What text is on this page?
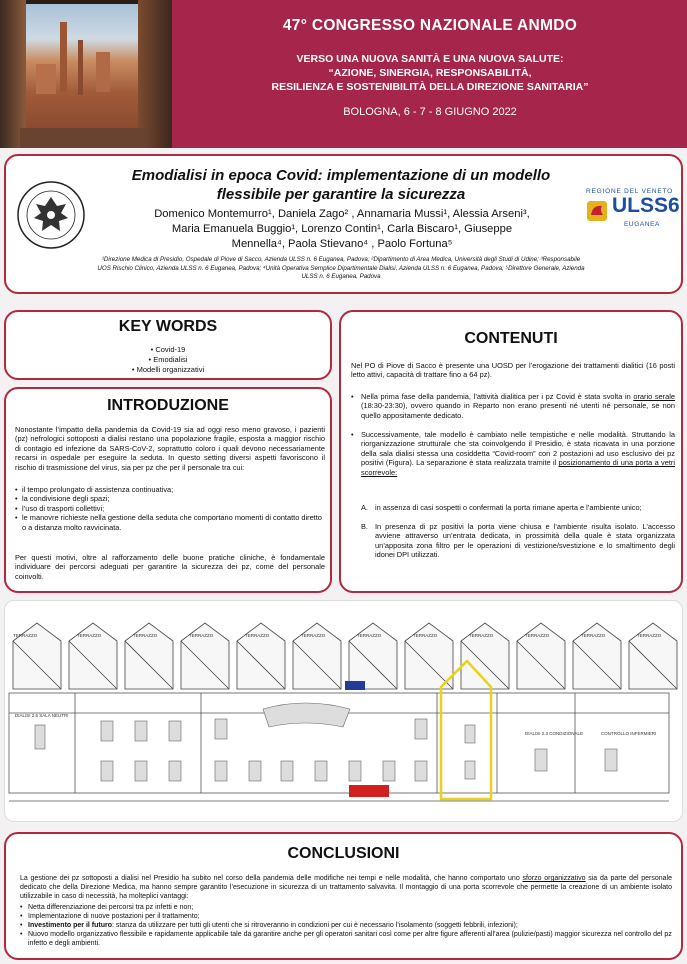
47° CONGRESSO NAZIONALE ANMDO
VERSO UNA NUOVA SANITÀ E UNA NUOVA SALUTE:
“AZIONE, SINERGIA, RESPONSABILITÀ,
RESILIENZA E SOSTENIBILITÀ DELLA DIREZIONE SANITARIA”
BOLOGNA, 6 - 7 - 8 GIUGNO 2022
Emodialisi in epoca Covid: implementazione di un modello flessibile per garantire la sicurezza
Domenico Montemurro¹, Daniela Zago² , Annamaria Mussi¹, Alessia Arseni³,
Maria Emanuela Buggio¹, Lorenzo Contin¹, Carla Biscaro¹, Giuseppe
Mennella⁴, Paola Stievano⁴ , Paolo Fortuna⁵
¹Direzione Medica di Presidio, Ospedale di Piove di Sacco, Azienda ULSS n. 6 Euganea, Padova; ²Dipartimento di Area Medica, Università degli Studi di Udine; ³Responsabile UOS Rischio Clinico, Azienda ULSS n. 6 Euganea, Padova; ⁴Unità Operativa Semplice Dipartimentale Dialisi, Azienda ULSS n. 6 Euganea, Padova; ⁵Direttore Generale, Azienda ULSS n. 6 Euganea, Padova
REGIONE DEL VENETO
ULSS6
EUGANEA
KEY WORDS
• Covid-19
• Emodialisi
• Modelli organizzativi
INTRODUZIONE
Nonostante l’impatto della pandemia da Covid-19 sia ad oggi reso meno gravoso, i pazienti (pz) nefrologici sottoposti a dialisi restano una popolazione fragile, esposta a maggior rischio di contagio ed infezione da SARS-CoV-2, soprattutto coloro i quali devono necessariamente recarsi in ospedale per eseguire la seduta. In questo setting diversi aspetti favoriscono il rischio di trasmissione del virus, sia per pz che per il personale tra cui:
• il tempo prolungato di assistenza continuativa;
• la condivisione degli spazi;
• l’uso di trasporti collettivi;
• le manovre richieste nella gestione della seduta che comportano momenti di contatto diretto o a distanza molto ravvicinata.
Per questi motivi, oltre al rafforzamento delle buone pratiche cliniche, è fondamentale individuare dei percorsi adeguati per garantire la sicurezza dei pz, come del personale coinvolti.
CONTENUTI
Nel PO di Piove di Sacco è presente una UOSD per l’erogazione dei trattamenti dialitici (16 posti letto attivi, capacità di trattare fino a 64 pz).
• Nella prima fase della pandemia, l’attività dialitica per i pz Covid è stata svolta in orario serale (18:30-23:30), ovvero quando in Reparto non erano presenti né utenti né personale, se non quello appositamente dedicato.
• Successivamente, tale modello è cambiato nelle tempistiche e nelle modalità. Struttando la riorganizzazione strutturale che sta coinvolgendo il Presidio, è stata ricavata in una porzione della sala dialisi stessa una cosiddetta “Covid-room” con 2 postazioni ad uso esclusivo dei pz positivi (Figura). La separazione è stata realizzata tramite il posizionamento di una porta a vetri scorrevole:
A. in assenza di casi sospetti o confermati la porta rimane aperta e l’ambiente unico;
B. In presenza di pz positivi la porta viene chiusa e l’ambiente risulta isolato. L’accesso avviene attraverso un’entrata dedicata, in prossimità della quale è stata organizzata un’apposita zona filtro per le operazioni di vestizione/svestizione e lo smaltimento degli idonei DPI utilizzati.
TERRAZZO	TERRAZZO	TERRAZZO	TERRAZZO	TERRAZZO	TERRAZZO	TERRAZZO	TERRAZZO	TERRAZZO	TERRAZZO	TERRAZZO	TERRAZZO
DIALISI 2.6 SALA NEUTRI
DIALISI 2.3 CONDIZIONALE	CONTROLLO INFERMIERI
CONCLUSIONI
La gestione dei pz sottoposti a dialisi nel Presidio ha subito nel corso della pandemia delle modifiche nei tempi e nelle modalità, che hanno comportato uno sforzo organizzativo sia da parte del personale dedicato che della Direzione Medica, ma hanno sempre garantito l’esecuzione in sicurezza di un trattamento salvavita. Il montaggio di una porta scorrevole che permette la creazione di un ambiente isolato utilizzabile in caso di necessità, ha molteplici vantaggi:
• Netta differenziazione dei percorsi tra pz infetti e non;
• Implementazione di nuove postazioni per il trattamento;
• Investimento per il futuro: stanza da utilizzare per tutti gli utenti che si ritroveranno in condizioni per cui è necessario l’isolamento (soggetti febbrili, infezioni);
• Nuovo modello organizzativo flessibile e rapidamente applicabile tale da garantire anche per gli operatori sanitari così come per altre figure afferenti all’area (pulizie/pasti) maggior sicurezza nel controllo del pz infetto e degli ambienti.
